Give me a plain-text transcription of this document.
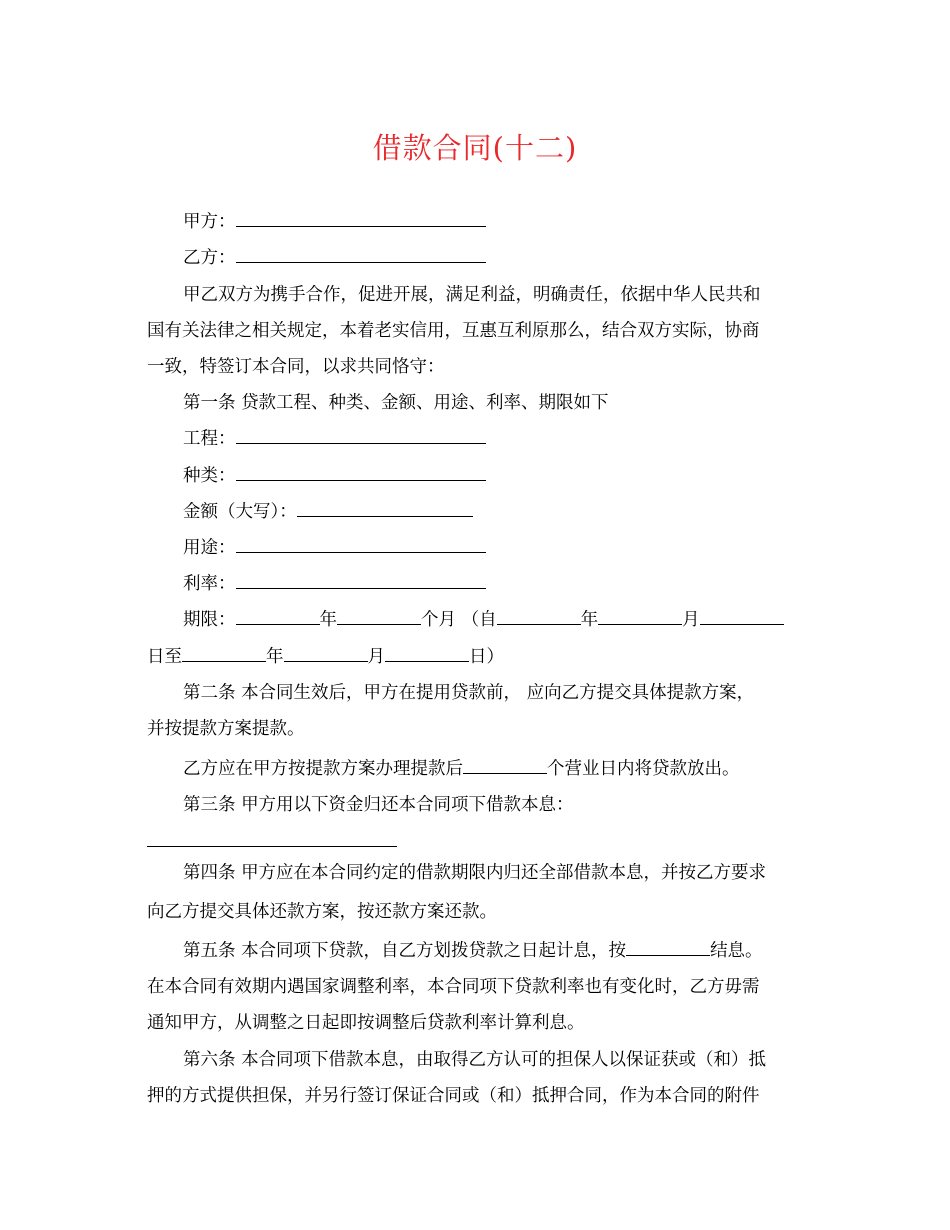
借款合同(十二)
甲方：
乙方：
甲乙双方为携手合作，促进开展，满足利益，明确责任，依据中华人民共和
国有关法律之相关规定，本着老实信用，互惠互利原那么，结合双方实际，协商
一致，特签订本合同，以求共同恪守：
第一条 贷款工程、种类、金额、用途、利率、期限如下
工程：
种类：
金额（大写）：
用途：
利率：
期限：	年	个月 （自	年	月
日至	年	月	日）
第二条 本合同生效后，甲方在提用贷款前， 应向乙方提交具体提款方案，
并按提款方案提款。
乙方应在甲方按提款方案办理提款后	个营业日内将贷款放出。
第三条 甲方用以下资金归还本合同项下借款本息：
第四条 甲方应在本合同约定的借款期限内归还全部借款本息，并按乙方要求
向乙方提交具体还款方案，按还款方案还款。
第五条 本合同项下贷款，自乙方划拨贷款之日起计息，按	结息。
在本合同有效期内遇国家调整利率，本合同项下贷款利率也有变化时，乙方毋需
通知甲方，从调整之日起即按调整后贷款利率计算利息。
第六条 本合同项下借款本息，由取得乙方认可的担保人以保证获或（和）抵
押的方式提供担保，并另行签订保证合同或（和）抵押合同，作为本合同的附件
